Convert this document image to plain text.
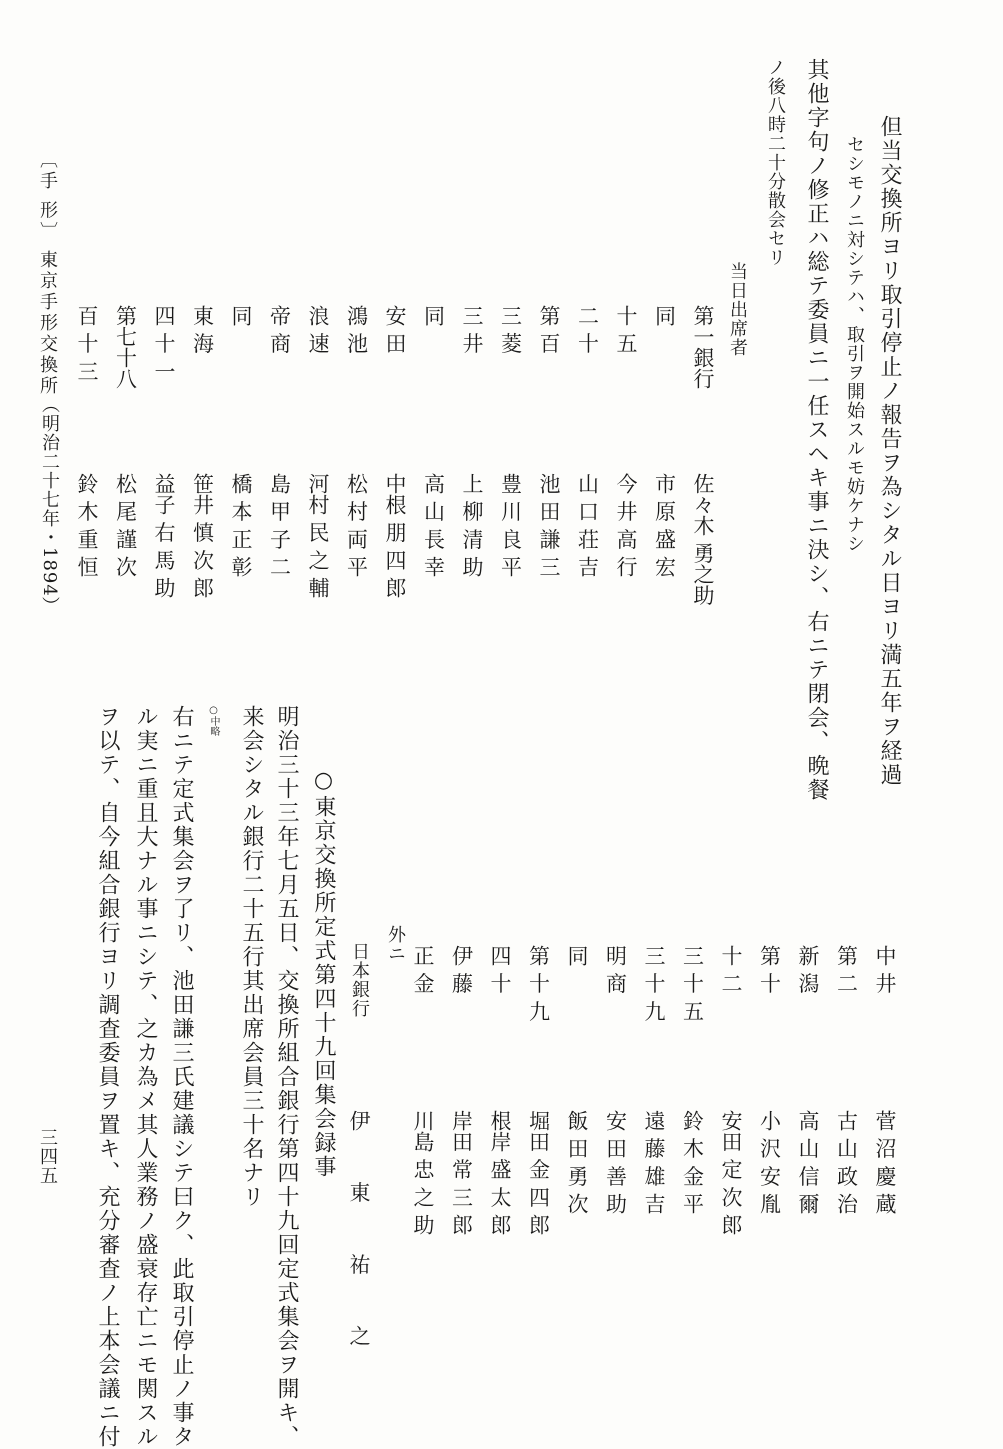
但当交換所ヨリ取引停止ノ報告ヲ為シタル日ヨリ満五年ヲ経過
セシモノニ対シテハ、取引ヲ開始スルモ妨ケナシ
其他字句ノ修正ハ総テ委員ニ一任スヘキ事ニ決シ、右ニテ閉会、晩餐
ノ後八時二十分散会セリ
当日出席者
第一銀行
佐々木 勇之助
同
市 原 盛 宏
十 五
今 井 高 行
二 十
山 口 荘 吉
第 百
池 田 謙 三
三 菱
豊 川 良 平
三 井
上 柳 清 助
同
高 山 長 幸
安 田
中根 朋 四 郎
鴻 池
松 村 両 平
浪 速
河村 民 之 輔
帝 商
島 甲 子 二
同
橋 本 正 彰
東 海
笹井 慎 次 郎
四 十 一
益子 右 馬 助
第七十八
松 尾 謹 次
百 十 三
鈴 木 重 恒
中 井
菅 沼 慶 蔵
第 二
古 山 政 治
新 潟
高 山 信 爾
第 十
小 沢 安 胤
十 二
安田 定 次 郎
三 十 五
鈴 木 金 平
三 十 九
遠 藤 雄 吉
明 商
安 田 善 助
同
飯 田 勇 次
第 十 九
堀田 金 四 郎
四 十
根岸 盛 太 郎
伊 藤
岸田 常 三 郎
正 金
川島 忠 之 助
外ニ
日本銀行
伊 東 祐 之
○東京交換所定式第四十九回集会録事
明治三十三年七月五日、交換所組合銀行第四十九回定式集会ヲ開キ、
来会シタル銀行二十五行其出席会員三十名ナリ
○中略
右ニテ定式集会ヲ了リ、池田謙三氏建議シテ曰ク、此取引停止ノ事タ
ル実ニ重且大ナル事ニシテ、之カ為メ其人業務ノ盛衰存亡ニモ関スル
ヲ以テ、自今組合銀行ヨリ調査委員ヲ置キ、充分審査ノ上本会議ニ付
〔手 形〕
東京手形交換所
（明治二十七年・1894）
三四五
